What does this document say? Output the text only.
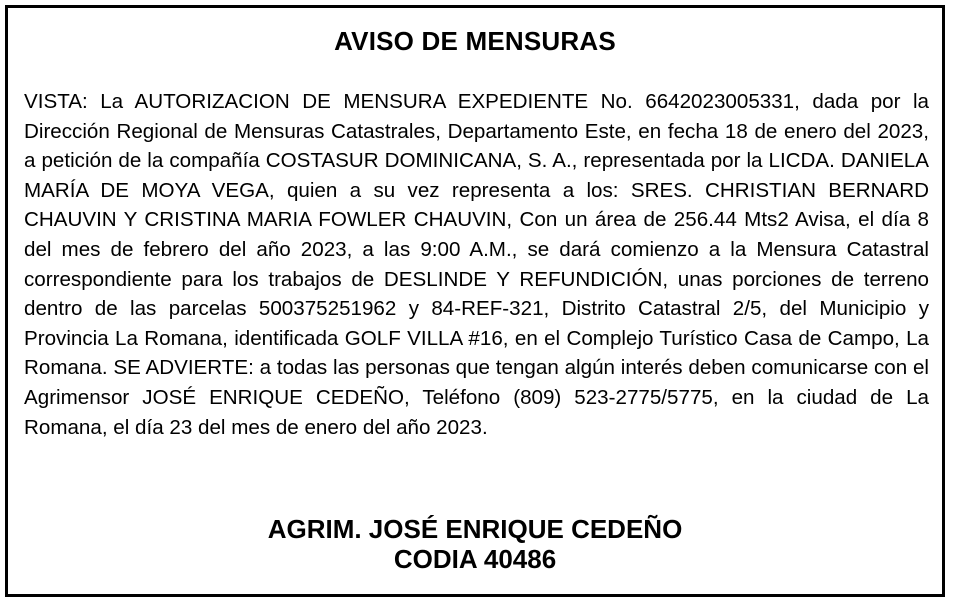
AVISO DE MENSURAS

VISTA: La AUTORIZACION DE MENSURA EXPEDIENTE No. 6642023005331, dada por la Dirección Regional de Mensuras Catastrales, Departamento Este, en fecha 18 de enero del 2023, a petición de la compañía COSTASUR DOMINICANA, S. A., representada por la LICDA. DANIELA MARÍA DE MOYA VEGA, quien a su vez representa a los: SRES. CHRISTIAN BERNARD CHAUVIN Y CRISTINA MARIA FOWLER CHAUVIN, Con un área de 256.44 Mts2 Avisa, el día 8 del mes de febrero del año 2023, a las 9:00 A.M., se dará comienzo a la Mensura Catastral correspondiente para los trabajos de DESLINDE Y REFUNDICIÓN, unas porciones de terreno dentro de las parcelas 500375251962 y 84-REF-321, Distrito Catastral 2/5, del Municipio y Provincia La Romana, identificada GOLF VILLA #16, en el Complejo Turístico Casa de Campo, La Romana. SE ADVIERTE: a todas las personas que tengan algún interés deben comunicarse con el Agrimensor JOSÉ ENRIQUE CEDEÑO, Teléfono (809) 523-2775/5775, en la ciudad de La Romana, el día 23 del mes de enero del año 2023.

AGRIM. JOSÉ ENRIQUE CEDEÑO
CODIA 40486
